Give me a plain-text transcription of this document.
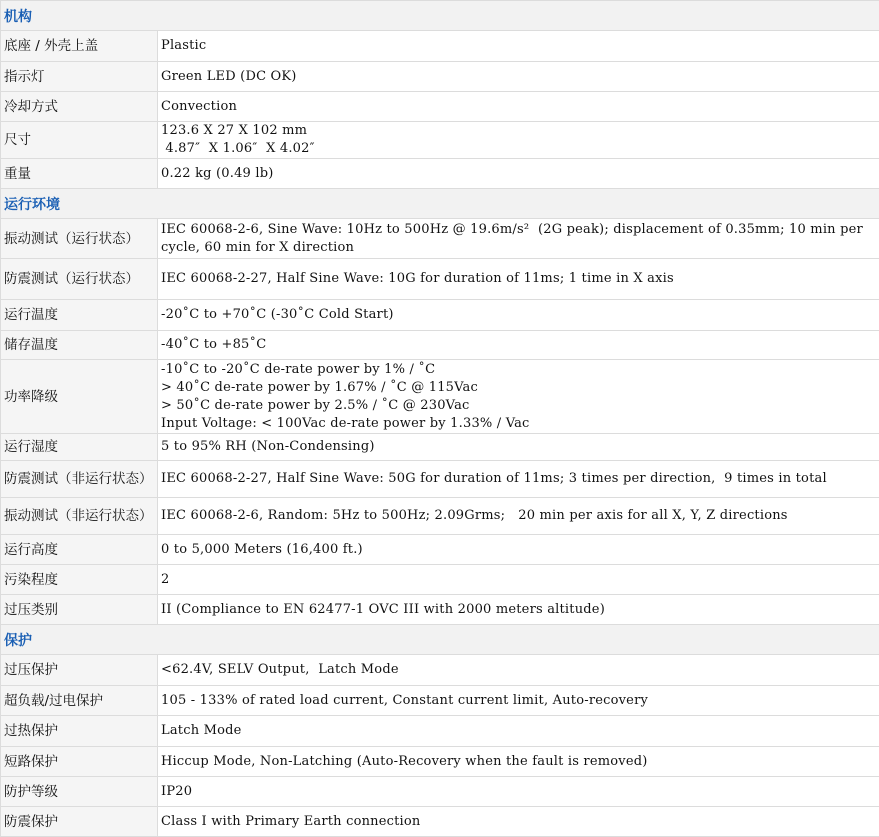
机构	
底座 / 外壳上盖	Plastic
指示灯	Green LED (DC OK)
冷却方式	Convection
尺寸	123.6 X 27 X 102 mm
4.87″  X 1.06″  X 4.02″
重量	0.22 kg (0.49 lb)
运行环境	
振动测试（运行状态）	IEC 60068-2-6, Sine Wave: 10Hz to 500Hz @ 19.6m/s²  (2G peak); displacement of 0.35mm; 10 min per cycle, 60 min for X direction
防震测试（运行状态）	IEC 60068-2-27, Half Sine Wave: 10G for duration of 11ms; 1 time in X axis
运行温度	-20˚C to +70˚C (-30˚C Cold Start)
储存温度	-40˚C to +85˚C
功率降级	-10˚C to -20˚C de-rate power by 1% / ˚C
> 40˚C de-rate power by 1.67% / ˚C @ 115Vac
> 50˚C de-rate power by 2.5% / ˚C @ 230Vac
Input Voltage: < 100Vac de-rate power by 1.33% / Vac
运行湿度	5 to 95% RH (Non-Condensing)
防震测试（非运行状态）	IEC 60068-2-27, Half Sine Wave: 50G for duration of 11ms; 3 times per direction,  9 times in total
振动测试（非运行状态）	IEC 60068-2-6, Random: 5Hz to 500Hz; 2.09Grms;   20 min per axis for all X, Y, Z directions
运行高度	0 to 5,000 Meters (16,400 ft.)
污染程度	2
过压类别	II (Compliance to EN 62477-1 OVC III with 2000 meters altitude)
保护	
过压保护	<62.4V, SELV Output,  Latch Mode
超负载/过电保护	105 - 133% of rated load current, Constant current limit, Auto-recovery
过热保护	Latch Mode
短路保护	Hiccup Mode, Non-Latching (Auto-Recovery when the fault is removed)
防护等级	IP20
防震保护	Class I with Primary Earth connection
